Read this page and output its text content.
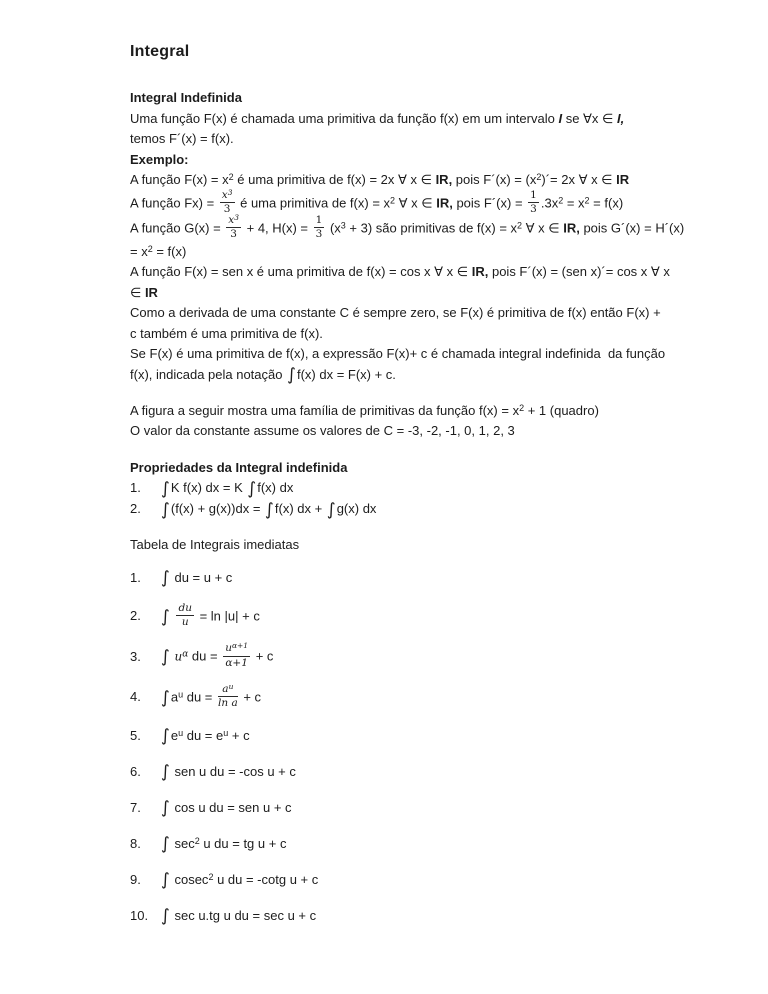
Integral
Integral Indefinida
Uma função F(x) é chamada uma primitiva da função f(x) em um intervalo I se ∀x ∈ I,
temos F´(x) = f(x).
Exemplo:
A função $F(x) = x^2$ é uma primitiva de f(x) = 2x ∀ x ∈ IR, pois F´(x) = $(x^2)´= 2x$ ∀ x ∈ IR
A função $Fx) = \frac{x^3}{3}$ é uma primitiva de $f(x) = x^2$ ∀ x ∈ IR, pois F´(x) = $\frac{1}{3} .3x^2 = x^2 = f(x)$
A função $G(x) = \frac{x^3}{3} + 4$, $H(x) = \frac{1}{3} (x^3 + 3)$ são primitivas de $f(x) = x^2$ ∀ x ∈ IR, pois G´(x) = H´(x)
= $x^2 = f(x)$
A função F(x) = sen x é uma primitiva de f(x) = cos x ∀ x ∈ IR, pois F´(x) = (sen x)´= cos x ∀ x
∈ IR
Como a derivada de uma constante C é sempre zero, se F(x) é primitiva de f(x) então F(x) +
c também é uma primitiva de f(x).
Se F(x) é uma primitiva de f(x), a expressão F(x)+ c é chamada integral indefinida  da função
f(x), indicada pela notação ∫f(x) dx = F(x) + c.
A figura a seguir mostra uma família de primitivas da função $f(x) = x^2 + 1$ (quadro)
O valor da constante assume os valores de C = -3, -2, -1, 0, 1, 2, 3
Propriedades da Integral indefinida
1.	∫K f(x) dx = K ∫f(x) dx
2.	∫(f(x) + g(x))dx = ∫f(x) dx + ∫g(x) dx
Tabela de Integrais imediatas
1.	∫ du = u + c
2.	∫ $\frac{du}{u} = \ln |u| + c$
3.	∫ $u^\alpha$ du = $\frac{u^{\alpha+1}}{\alpha+1} + c$
4.	$\int a^u$ du = $\frac{a^u}{\text{ln a}} + c$
5.	$\int e^u$ du = $e^u + c$
6.	∫ sen u du = -cos u + c
7.	∫ cos u du = sen u + c
8.	∫ $\sec^2 u$ du = tg u + c
9.	∫ cosec$^2$ u du = -cotg u + c
10. ∫ sec u.tg u du = sec u + c
